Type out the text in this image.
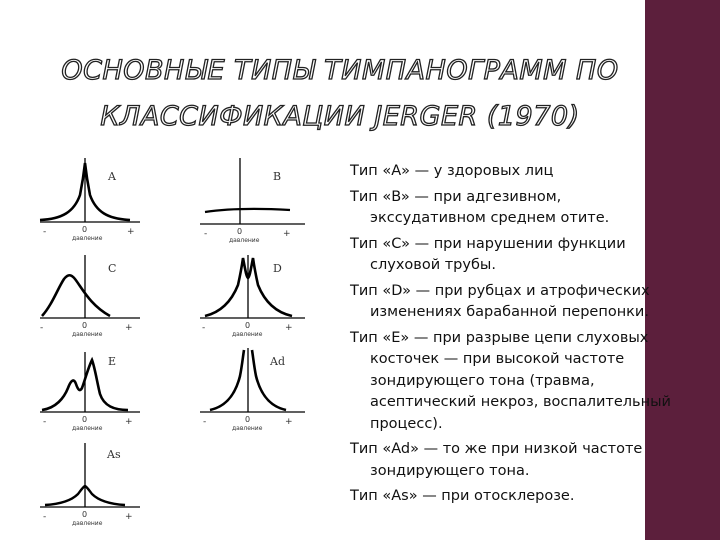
ОСНОВНЫЕ ТИПЫ ТИМПАНОГРАММ ПО
КЛАССИФИКАЦИИ JERGER (1970)
A
-	0	+
давление
B
-	0	+
давление
C
-	0	+
давление
D
-	0	+
давление
E
-	0	+
давление
Ad
-	0	+
давление
As
-	0	+
давление
Тип «A» — у здоровых лиц
Тип «B» — при адгезивном,
экссудативном среднем отите.
Тип «C» — при нарушении функции
слуховой трубы.
Тип «D» — при рубцах и атрофических
изменениях барабанной перепонки.
Тип «E» — при разрыве цепи слуховых
косточек — при высокой частоте
зондирующего тона (травма,
асептический некроз, воспалительный
процесс).
Тип «Ad» — то же при низкой частоте
зондирующего тона.
Тип «As» — при отосклерозе.
